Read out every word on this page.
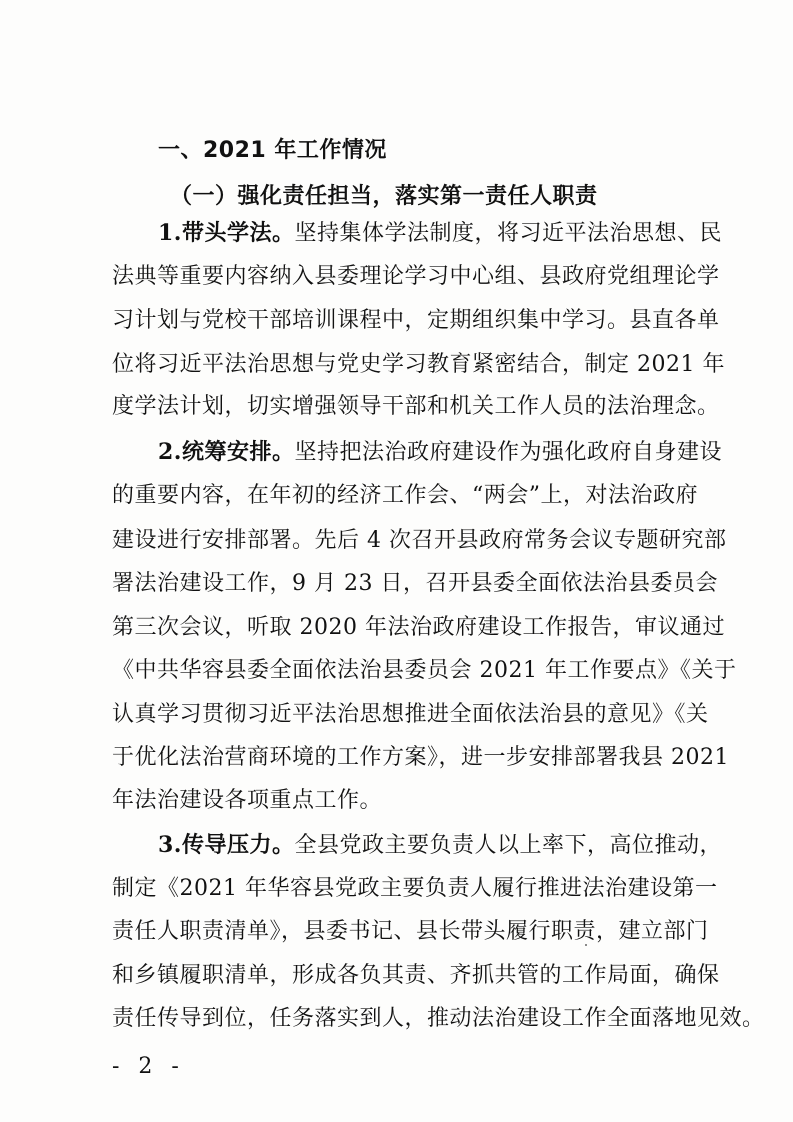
一、2021 年工作情况
（一）强化责任担当，落实第一责任人职责
1.带头学法。坚持集体学法制度，将习近平法治思想、民
法典等重要内容纳入县委理论学习中心组、县政府党组理论学
习计划与党校干部培训课程中，定期组织集中学习。县直各单
位将习近平法治思想与党史学习教育紧密结合，制定 2021 年
度学法计划，切实增强领导干部和机关工作人员的法治理念。
2.统筹安排。坚持把法治政府建设作为强化政府自身建设
的重要内容，在年初的经济工作会、“两会”上，对法治政府
建设进行安排部署。先后 4 次召开县政府常务会议专题研究部
署法治建设工作，9 月 23 日，召开县委全面依法治县委员会
第三次会议，听取 2020 年法治政府建设工作报告，审议通过
《中共华容县委全面依法治县委员会 2021 年工作要点》《关于
认真学习贯彻习近平法治思想推进全面依法治县的意见》《关
于优化法治营商环境的工作方案》，进一步安排部署我县 2021
年法治建设各项重点工作。
3.传导压力。全县党政主要负责人以上率下，高位推动，
制定《2021 年华容县党政主要负责人履行推进法治建设第一
责任人职责清单》，县委书记、县长带头履行职责，建立部门
和乡镇履职清单，形成各负其责、齐抓共管的工作局面，确保
责任传导到位，任务落实到人，推动法治建设工作全面落地见效。
- 2 -
